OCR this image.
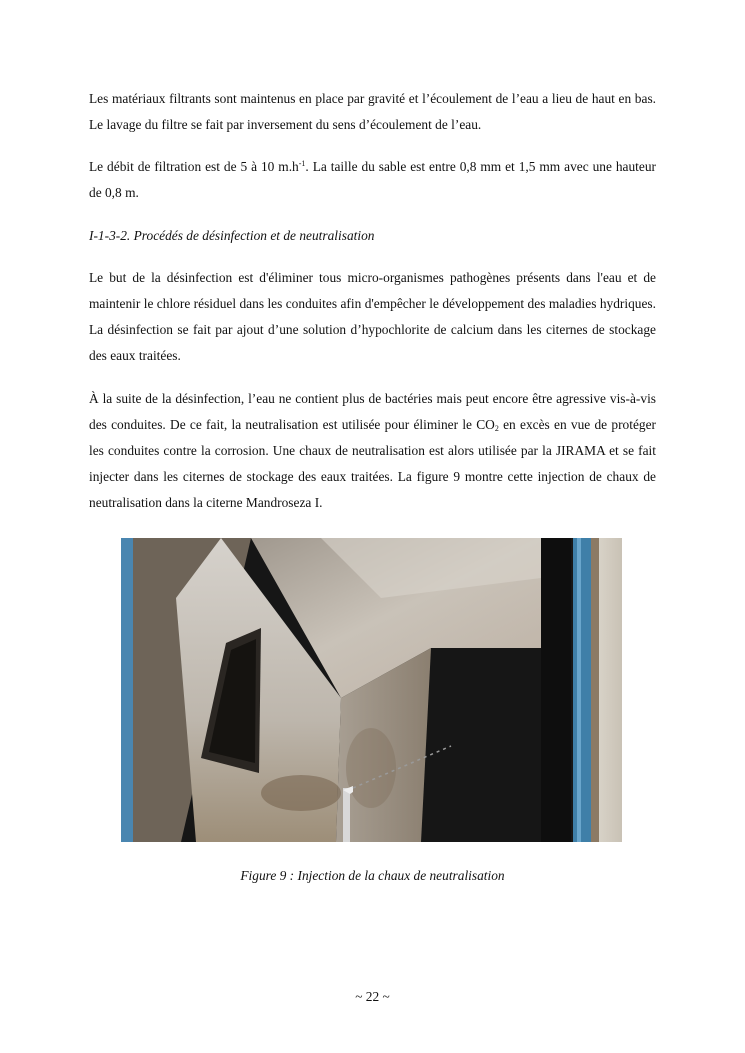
Les matériaux filtrants sont maintenus en place par gravité et l’écoulement de l’eau a lieu de haut en bas. Le lavage du filtre se fait par inversement du sens d’écoulement de l’eau.

Le débit de filtration est de 5 à 10 $m.h^{-1}$. La taille du sable est entre 0,8 mm et 1,5 mm avec une hauteur de 0,8 m.

I-1-3-2. Procédés de désinfection et de neutralisation

Le but de la désinfection est d'éliminer tous micro-organismes pathogènes présents dans l'eau et de maintenir le chlore résiduel dans les conduites afin d'empêcher le développement des maladies hydriques. La désinfection se fait par ajout d’une solution d’hypochlorite de calcium dans les citernes de stockage des eaux traitées.

À la suite de la désinfection, l’eau ne contient plus de bactéries mais peut encore être agressive vis-à-vis des conduites. De ce fait, la neutralisation est utilisée pour éliminer le $CO_2$ en excès en vue de protéger les conduites contre la corrosion. Une chaux de neutralisation est alors utilisée par la JIRAMA et se fait injecter dans les citernes de stockage des eaux traitées. La figure 9 montre cette injection de chaux de neutralisation dans la citerne Mandroseza I.

Figure 9 : Injection de la chaux de neutralisation
~ 22 ~
